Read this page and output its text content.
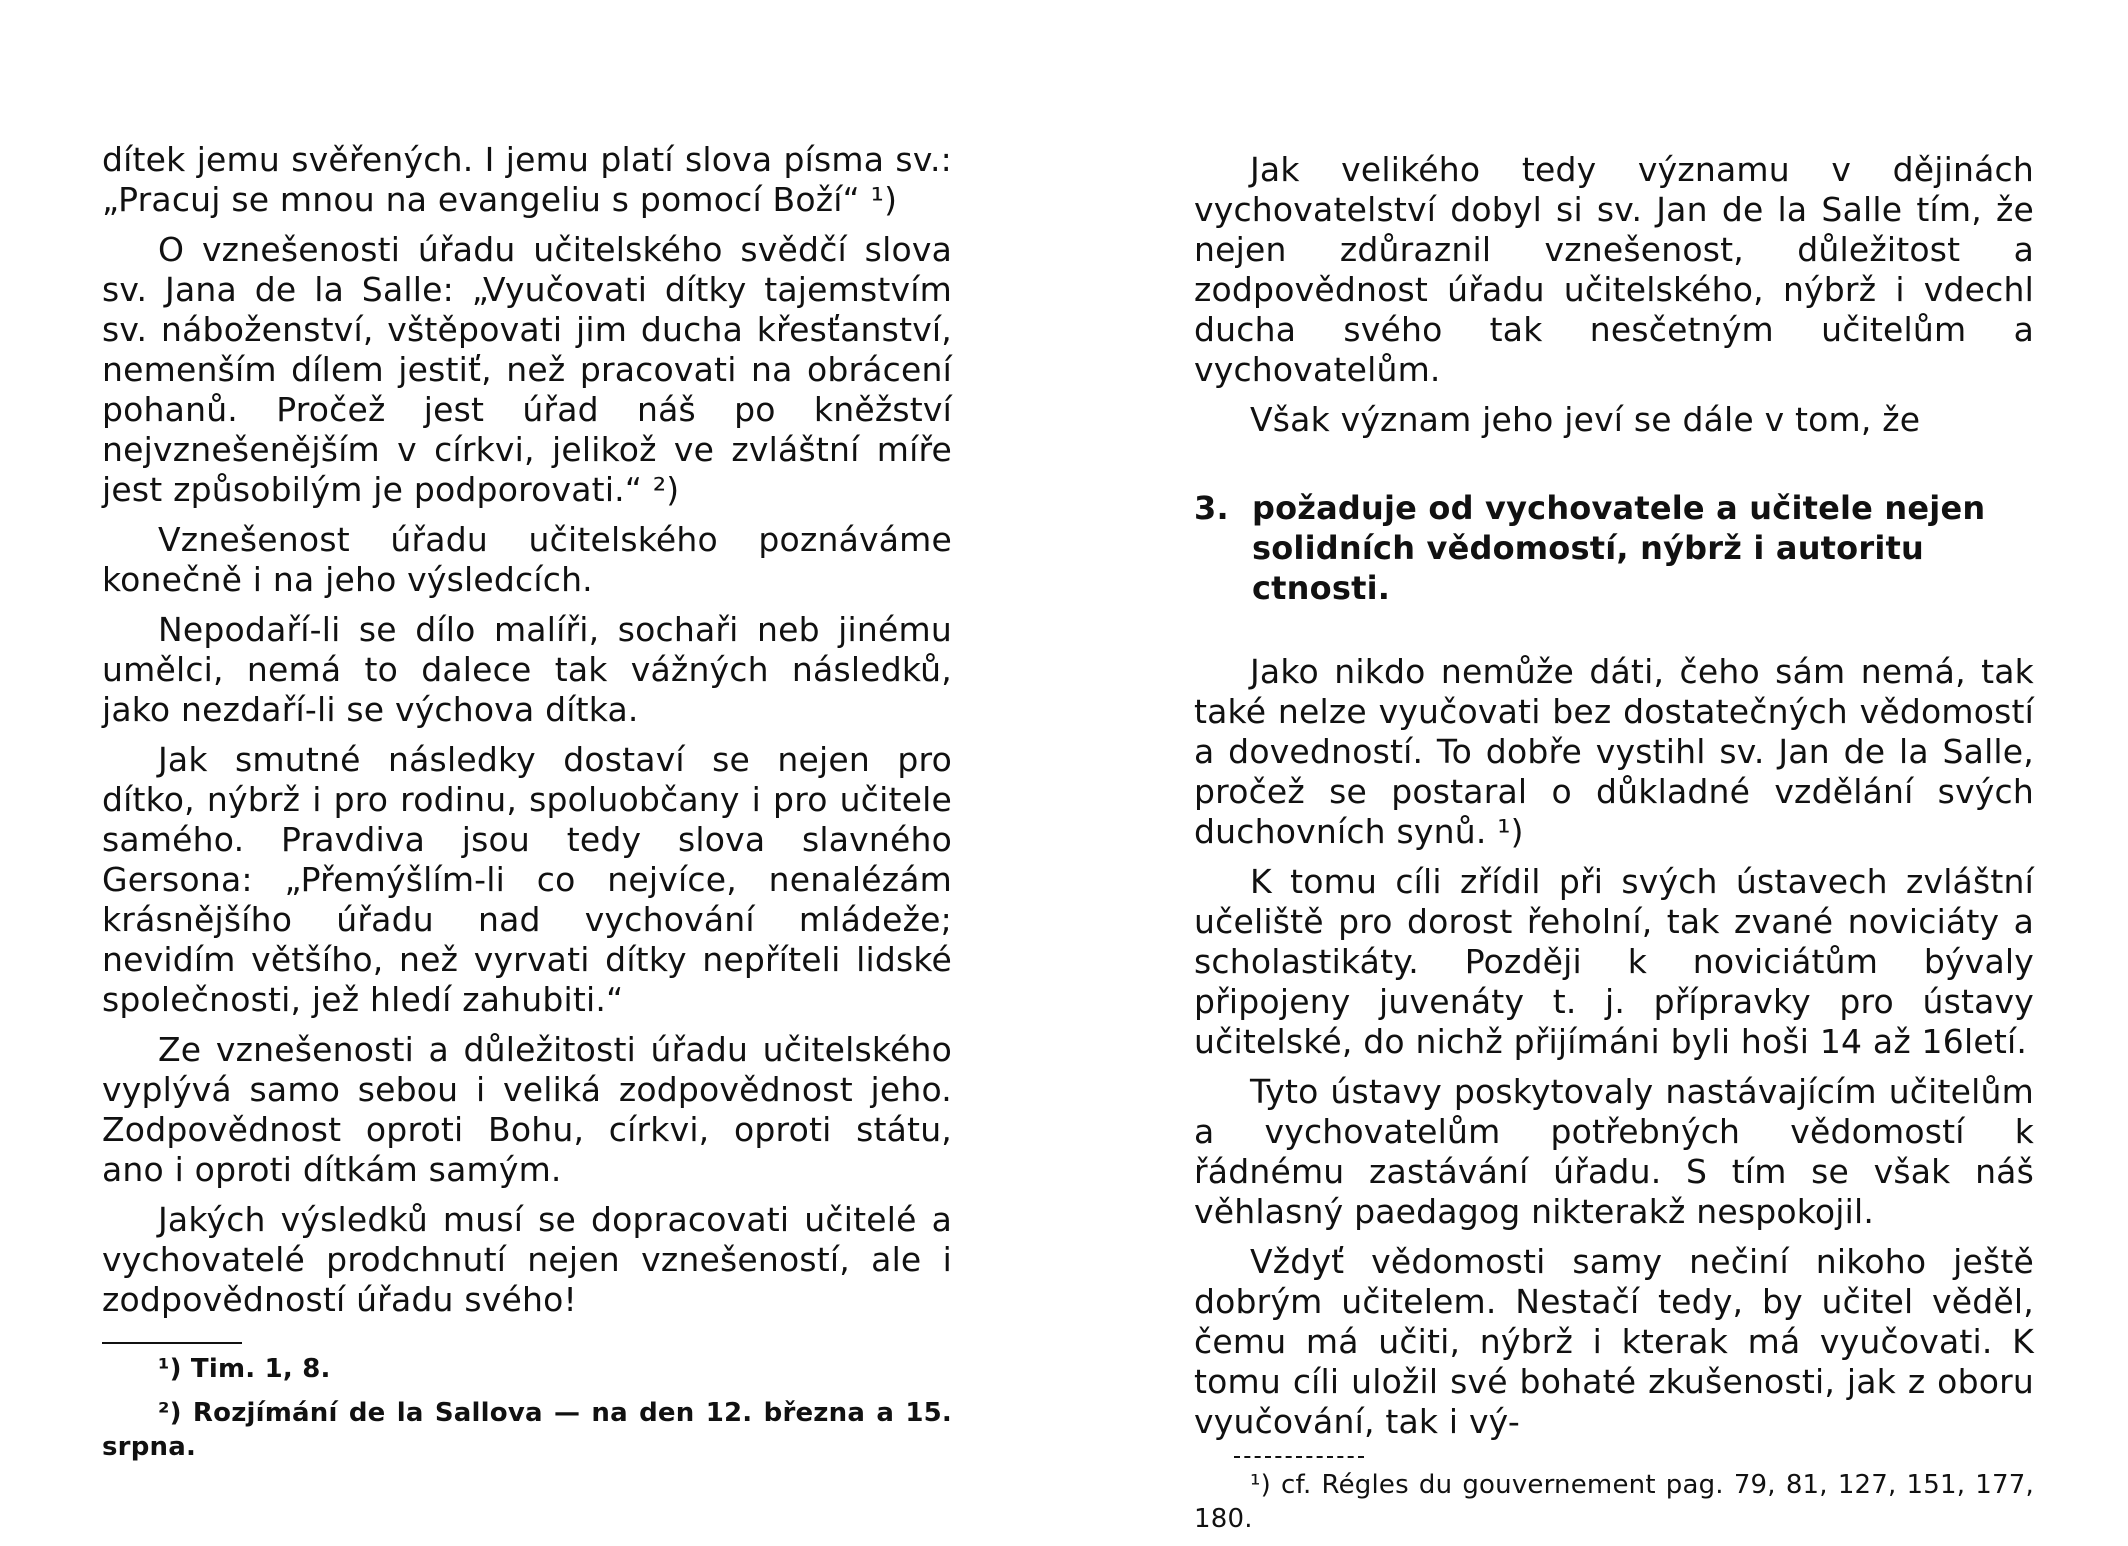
dítek jemu svěřených. I jemu platí slova písma sv.: „Pracuj se mnou na evangeliu s pomocí Boží“ ¹)

O vznešenosti úřadu učitelského svědčí slova sv. Jana de la Salle: „Vyučovati dítky tajemstvím sv. náboženství, vštěpovati jim ducha křesťanství, nemenším dílem jestiť, než pracovati na obrácení pohanů. Pročež jest úřad náš po kněžství nejvznešenějším v církvi, jelikož ve zvláštní míře jest způsobilým je podporovati.“ ²)

Vznešenost úřadu učitelského poznáváme konečně i na jeho výsledcích.

Nepodaří-li se dílo malíři, sochaři neb jinému umělci, nemá to dalece tak vážných následků, jako nezdaří-li se výchova dítka.

Jak smutné následky dostaví se nejen pro dítko, nýbrž i pro rodinu, spoluobčany i pro učitele samého. Pravdiva jsou tedy slova slavného Gersona: „Přemýšlím-li co nejvíce, nenalézám krásnějšího úřadu nad vychování mládeže; nevidím většího, než vyrvati dítky nepříteli lidské společnosti, jež hledí zahubiti.“

Ze vznešenosti a důležitosti úřadu učitelského vyplývá samo sebou i veliká zodpovědnost jeho. Zodpovědnost oproti Bohu, církvi, oproti státu, ano i oproti dítkám samým.

Jakých výsledků musí se dopracovati učitelé a vychovatelé prodchnutí nejen vznešeností, ale i zodpovědností úřadu svého!

¹) Tim. 1, 8.

²) Rozjímání de la Sallova — na den 12. března a 15. srpna.

Jak velikého tedy významu v dějinách vychovatelství dobyl si sv. Jan de la Salle tím, že nejen zdůraznil vznešenost, důležitost a zodpovědnost úřadu učitelského, nýbrž i vdechl ducha svého tak nesčetným učitelům a vychovatelům.

Však význam jeho jeví se dále v tom, že

3. požaduje od vychovatele a učitele nejen solidních vědomostí, nýbrž i autoritu ctnosti.

Jako nikdo nemůže dáti, čeho sám nemá, tak také nelze vyučovati bez dostatečných vědomostí a dovedností. To dobře vystihl sv. Jan de la Salle, pročež se postaral o důkladné vzdělání svých duchovních synů. ¹)

K tomu cíli zřídil při svých ústavech zvláštní učeliště pro dorost řeholní, tak zvané noviciáty a scholastikáty. Později k noviciátům bývaly připojeny juvenáty t. j. přípravky pro ústavy učitelské, do nichž přijímáni byli hoši 14 až 16letí.

Tyto ústavy poskytovaly nastávajícím učitelům a vychovatelům potřebných vědomostí k řádnému zastávání úřadu. S tím se však náš věhlasný paedagog nikterakž nespokojil.

Vždyť vědomosti samy nečiní nikoho ještě dobrým učitelem. Nestačí tedy, by učitel věděl, čemu má učiti, nýbrž i kterak má vyučovati. K tomu cíli uložil své bohaté zkušenosti, jak z oboru vyučování, tak i vý-

¹) cf. Régles du gouvernement pag. 79, 81, 127, 151, 177, 180.
